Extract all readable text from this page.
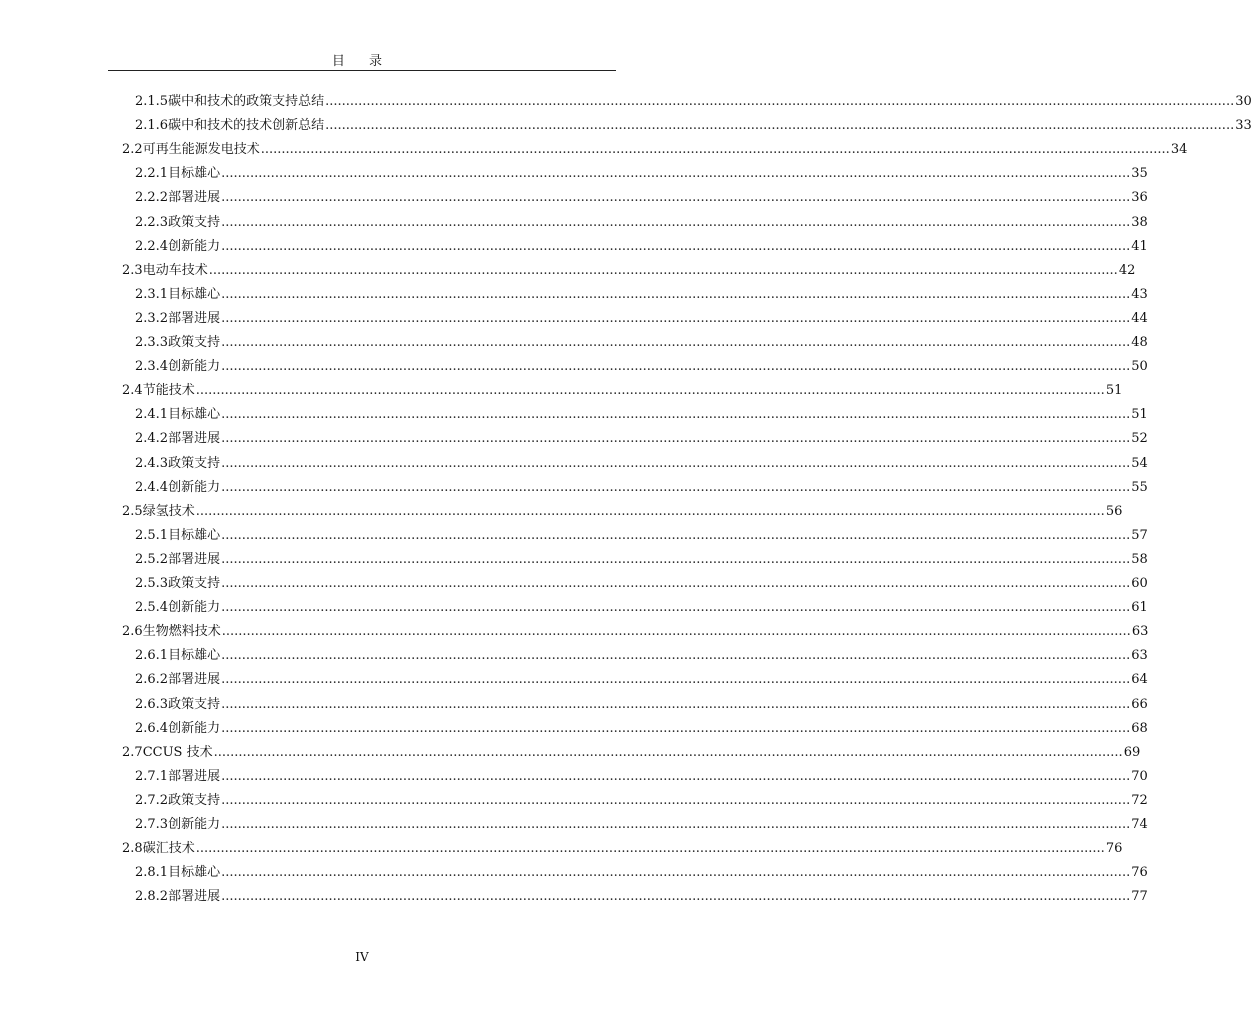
目 录
2.1.5 碳中和技术的政策支持总结 ............................................................................................................................................................................................................................ 30
2.1.6 碳中和技术的技术创新总结 ............................................................................................................................................................................................................................ 33
2.2 可再生能源发电技术 ............................................................................................................................................................................................................................ 34
2.2.1 目标雄心 ............................................................................................................................................................................................................................ 35
2.2.2 部署进展 ............................................................................................................................................................................................................................ 36
2.2.3 政策支持 ............................................................................................................................................................................................................................ 38
2.2.4 创新能力 ............................................................................................................................................................................................................................ 41
2.3 电动车技术 ............................................................................................................................................................................................................................ 42
2.3.1 目标雄心 ............................................................................................................................................................................................................................ 43
2.3.2 部署进展 ............................................................................................................................................................................................................................ 44
2.3.3 政策支持 ............................................................................................................................................................................................................................ 48
2.3.4 创新能力 ............................................................................................................................................................................................................................ 50
2.4 节能技术 ............................................................................................................................................................................................................................ 51
2.4.1 目标雄心 ............................................................................................................................................................................................................................ 51
2.4.2 部署进展 ............................................................................................................................................................................................................................ 52
2.4.3 政策支持 ............................................................................................................................................................................................................................ 54
2.4.4 创新能力 ............................................................................................................................................................................................................................ 55
2.5 绿氢技术 ............................................................................................................................................................................................................................ 56
2.5.1 目标雄心 ............................................................................................................................................................................................................................ 57
2.5.2 部署进展 ............................................................................................................................................................................................................................ 58
2.5.3 政策支持 ............................................................................................................................................................................................................................ 60
2.5.4 创新能力 ............................................................................................................................................................................................................................ 61
2.6 生物燃料技术 ............................................................................................................................................................................................................................ 63
2.6.1 目标雄心 ............................................................................................................................................................................................................................ 63
2.6.2 部署进展 ............................................................................................................................................................................................................................ 64
2.6.3 政策支持 ............................................................................................................................................................................................................................ 66
2.6.4 创新能力 ............................................................................................................................................................................................................................ 68
2.7 CCUS 技术 ............................................................................................................................................................................................................................ 69
2.7.1 部署进展 ............................................................................................................................................................................................................................ 70
2.7.2 政策支持 ............................................................................................................................................................................................................................ 72
2.7.3 创新能力 ............................................................................................................................................................................................................................ 74
2.8 碳汇技术 ............................................................................................................................................................................................................................ 76
2.8.1 目标雄心 ............................................................................................................................................................................................................................ 76
2.8.2 部署进展 ............................................................................................................................................................................................................................ 77
IV
